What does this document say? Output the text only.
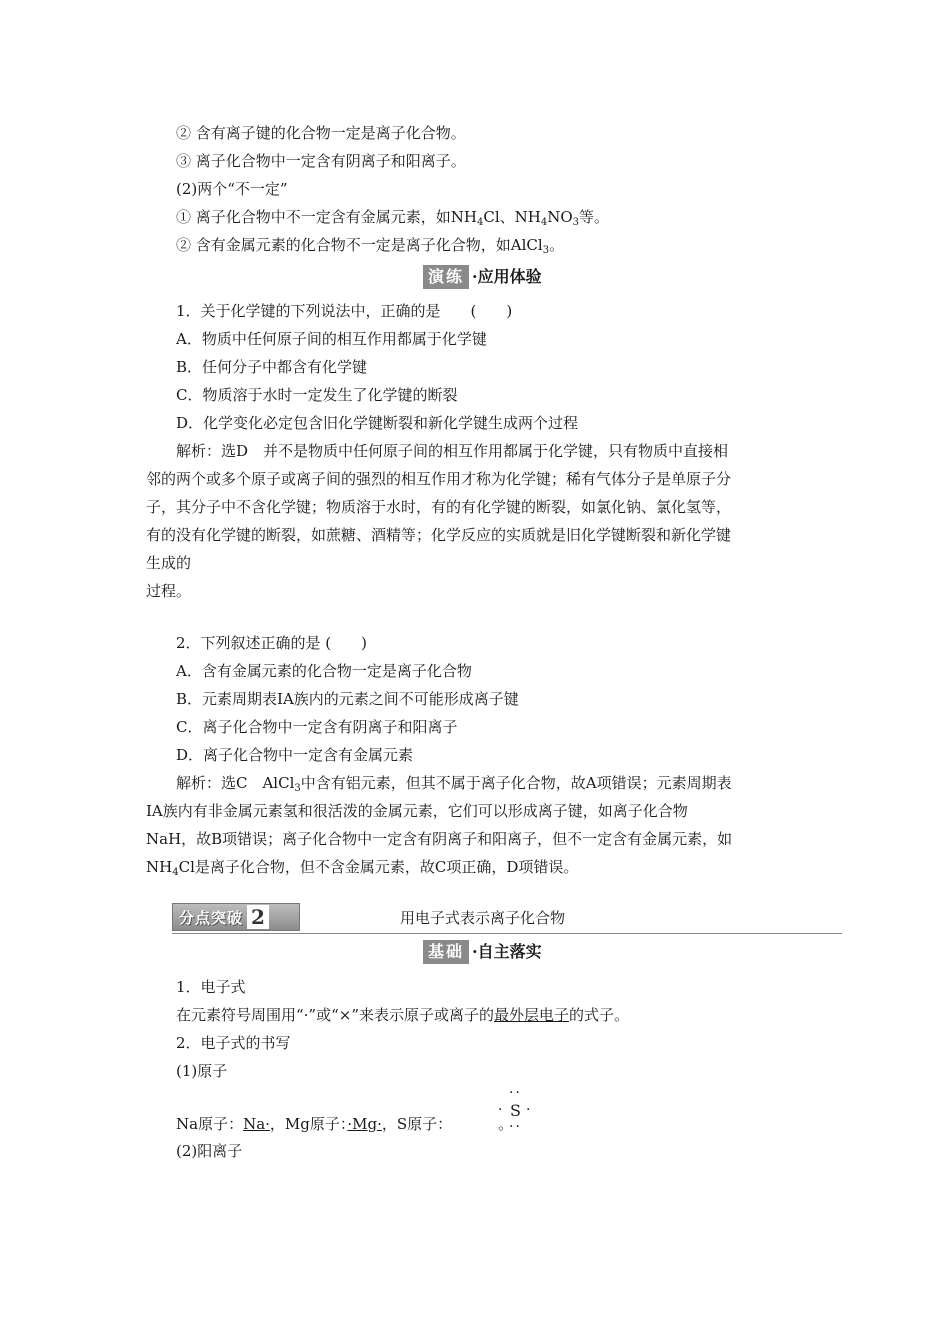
② 含有离子键的化合物一定是离子化合物。
③ 离子化合物中一定含有阴离子和阳离子。
(2)两个“不一定”
① 离子化合物中不一定含有金属元素，如$NH_4Cl$、$NH_4NO_3$等。
② 含有金属元素的化合物不一定是离子化合物，如AlCl$_3$。
演练 ·应用体验
1．关于化学键的下列说法中，正确的是　　(　　)
A．物质中任何原子间的相互作用都属于化学键
B．任何分子中都含有化学键
C．物质溶于水时一定发生了化学键的断裂
D．化学变化必定包含旧化学键断裂和新化学键生成两个过程
解析：选D　并不是物质中任何原子间的相互作用都属于化学键，只有物质中直接相
邻的两个或多个原子或离子间的强烈的相互作用才称为化学键；稀有气体分子是单原子分
子，其分子中不含化学键；物质溶于水时，有的有化学键的断裂，如氯化钠、氯化氢等，
有的没有化学键的断裂，如蔗糖、酒精等；化学反应的实质就是旧化学键断裂和新化学键
生成的
过程。
2．下列叙述正确的是 (　　)
A．含有金属元素的化合物一定是离子化合物
B．元素周期表ⅠA族内的元素之间不可能形成离子键
C．离子化合物中一定含有阴离子和阳离子
D．离子化合物中一定含有金属元素
解析：选C　AlCl$_3$中含有铝元素，但其不属于离子化合物，故A项错误；元素周期表
ⅠA族内有非金属元素氢和很活泼的金属元素，它们可以形成离子键，如离子化合物
NaH，故B项错误；离子化合物中一定含有阴离子和阳离子，但不一定含有金属元素，如
$NH_4Cl$是离子化合物，但不含金属元素，故C项正确，D项错误。
分点突破 2	用电子式表示离子化合物
基础 ·自主落实
1．电子式
在元素符号周围用“·”或“×”来表示原子或离子的最外层电子的式子。
2．电子式的书写
(1)原子
Na原子：Na·，Mg原子：·Mg·，S原子：	。
··
· S ·
··
(2)阳离子
